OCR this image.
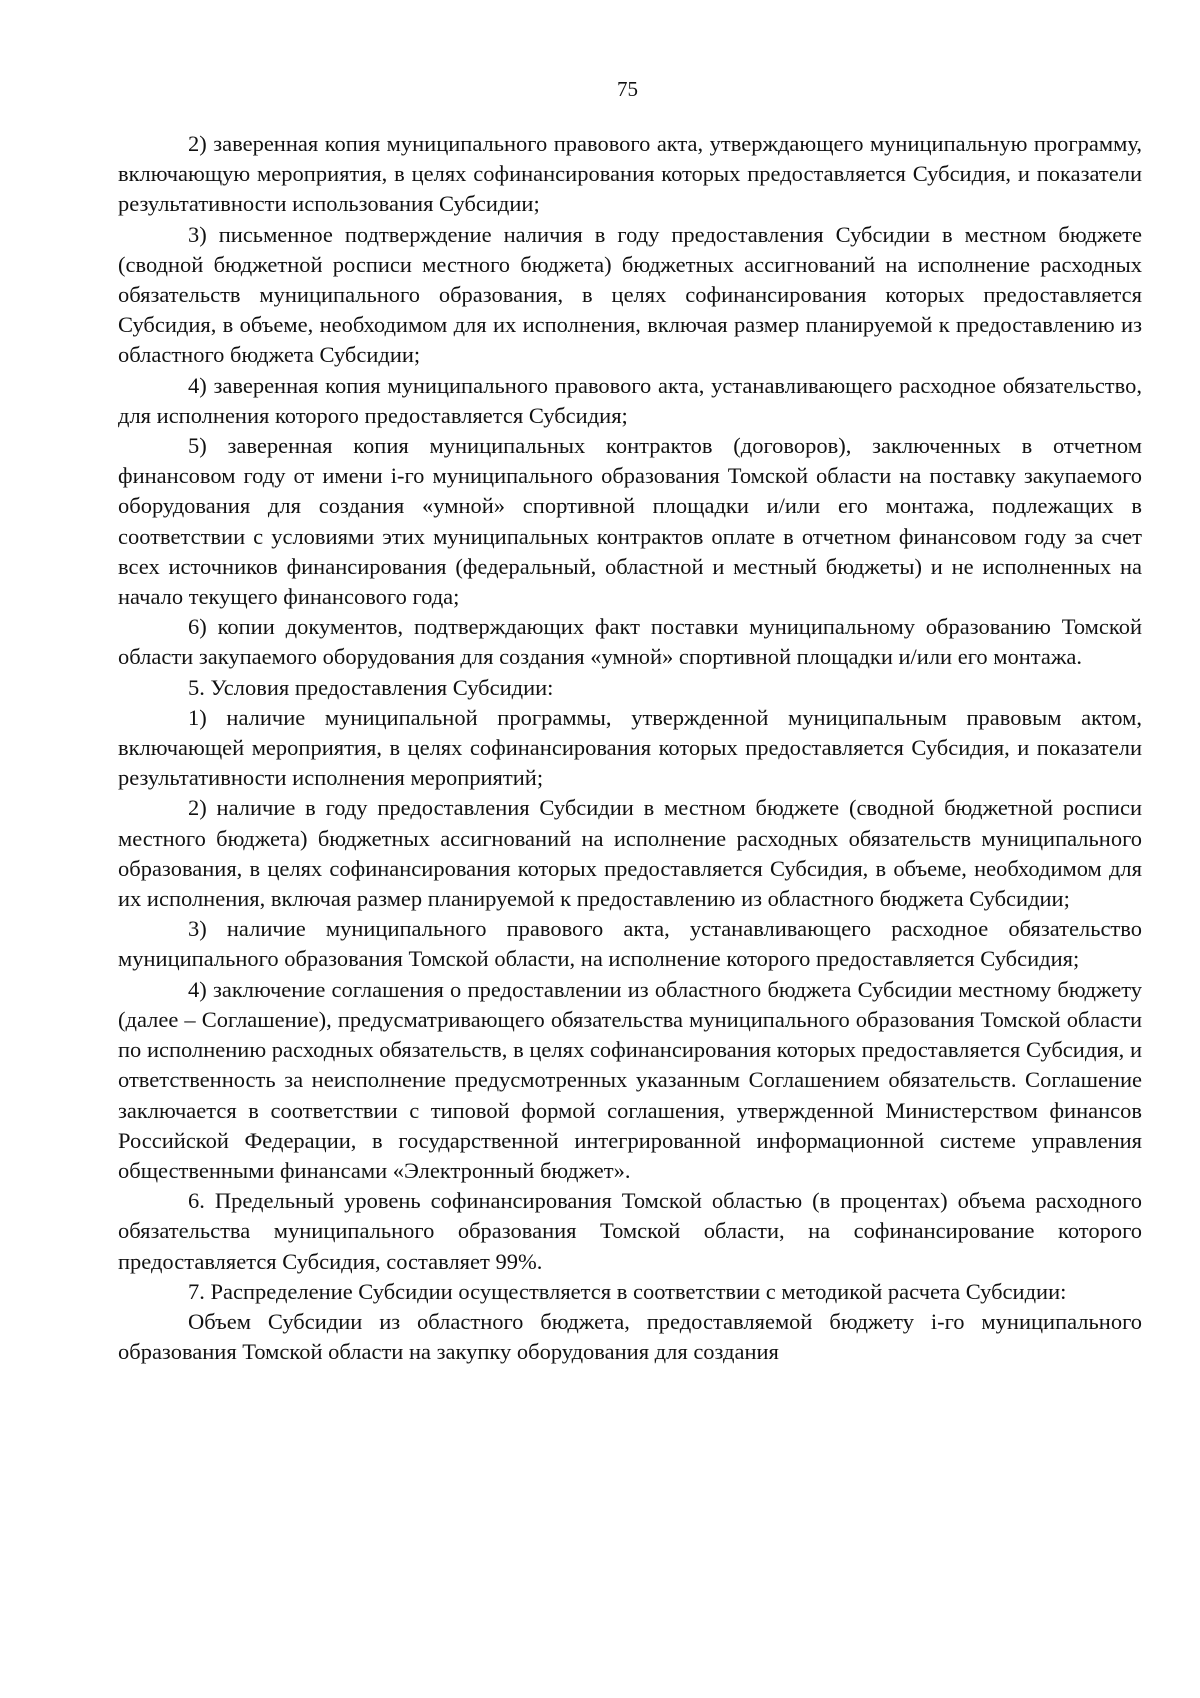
75

2) заверенная копия муниципального правового акта, утверждающего муниципальную программу, включающую мероприятия, в целях софинансирования которых предоставляется Субсидия, и показатели результативности использования Субсидии;

3) письменное подтверждение наличия в году предоставления Субсидии в местном бюджете (сводной бюджетной росписи местного бюджета) бюджетных ассигнований на исполнение расходных обязательств муниципального образования, в целях софинансирования которых предоставляется Субсидия, в объеме, необходимом для их исполнения, включая размер планируемой к предоставлению из областного бюджета Субсидии;

4) заверенная копия муниципального правового акта, устанавливающего расходное обязательство, для исполнения которого предоставляется Субсидия;

5) заверенная копия муниципальных контрактов (договоров), заключенных в отчетном финансовом году от имени i-го муниципального образования Томской области на поставку закупаемого оборудования для создания «умной» спортивной площадки и/или его монтажа, подлежащих в соответствии с условиями этих муниципальных контрактов оплате в отчетном финансовом году за счет всех источников финансирования (федеральный, областной и местный бюджеты) и не исполненных на начало текущего финансового года;

6) копии документов, подтверждающих факт поставки муниципальному образованию Томской области закупаемого оборудования для создания «умной» спортивной площадки и/или его монтажа.

5. Условия предоставления Субсидии:

1) наличие муниципальной программы, утвержденной муниципальным правовым актом, включающей мероприятия, в целях софинансирования которых предоставляется Субсидия, и показатели результативности исполнения мероприятий;

2) наличие в году предоставления Субсидии в местном бюджете (сводной бюджетной росписи местного бюджета) бюджетных ассигнований на исполнение расходных обязательств муниципального образования, в целях софинансирования которых предоставляется Субсидия, в объеме, необходимом для их исполнения, включая размер планируемой к предоставлению из областного бюджета Субсидии;

3) наличие муниципального правового акта, устанавливающего расходное обязательство муниципального образования Томской области, на исполнение которого предоставляется Субсидия;

4) заключение соглашения о предоставлении из областного бюджета Субсидии местному бюджету (далее – Соглашение), предусматривающего обязательства муниципального образования Томской области по исполнению расходных обязательств, в целях софинансирования которых предоставляется Субсидия, и ответственность за неисполнение предусмотренных указанным Соглашением обязательств. Соглашение заключается в соответствии с типовой формой соглашения, утвержденной Министерством финансов Российской Федерации, в государственной интегрированной информационной системе управления общественными финансами «Электронный бюджет».

6. Предельный уровень софинансирования Томской областью (в процентах) объема расходного обязательства муниципального образования Томской области, на софинансирование которого предоставляется Субсидия, составляет 99%.

7. Распределение Субсидии осуществляется в соответствии с методикой расчета Субсидии:

Объем Субсидии из областного бюджета, предоставляемой бюджету i-го муниципального образования Томской области на закупку оборудования для создания
